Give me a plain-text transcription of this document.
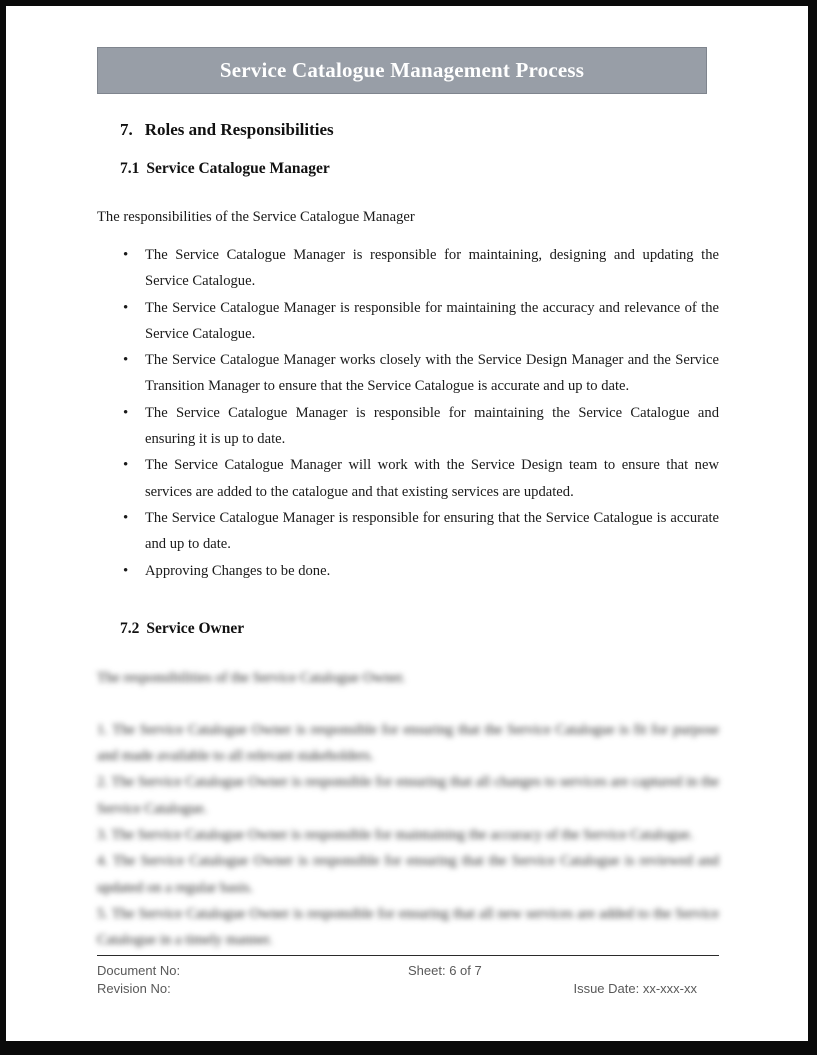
Service Catalogue Management Process
7. Roles and Responsibilities
7.1 Service Catalogue Manager

The responsibilities of the Service Catalogue Manager

• The Service Catalogue Manager is responsible for maintaining, designing and updating the Service Catalogue.
• The Service Catalogue Manager is responsible for maintaining the accuracy and relevance of the Service Catalogue.
• The Service Catalogue Manager works closely with the Service Design Manager and the Service Transition Manager to ensure that the Service Catalogue is accurate and up to date.
• The Service Catalogue Manager is responsible for maintaining the Service Catalogue and ensuring it is up to date.
• The Service Catalogue Manager will work with the Service Design team to ensure that new services are added to the catalogue and that existing services are updated.
• The Service Catalogue Manager is responsible for ensuring that the Service Catalogue is accurate and up to date.
• Approving Changes to be done.
7.2 Service Owner

The responsibilities of the Service Catalogue Owner.

1. The Service Catalogue Owner is responsible for ensuring that the Service Catalogue is fit for purpose and made available to all relevant stakeholders.

2. The Service Catalogue Owner is responsible for ensuring that all changes to services are captured in the Service Catalogue.

3. The Service Catalogue Owner is responsible for maintaining the accuracy of the Service Catalogue.

4. The Service Catalogue Owner is responsible for ensuring that the Service Catalogue is reviewed and updated on a regular basis.

5. The Service Catalogue Owner is responsible for ensuring that all new services are added to the Service Catalogue in a timely manner.

Document No:	Sheet: 6 of 7
Revision No:	Issue Date: xx-xxx-xx
